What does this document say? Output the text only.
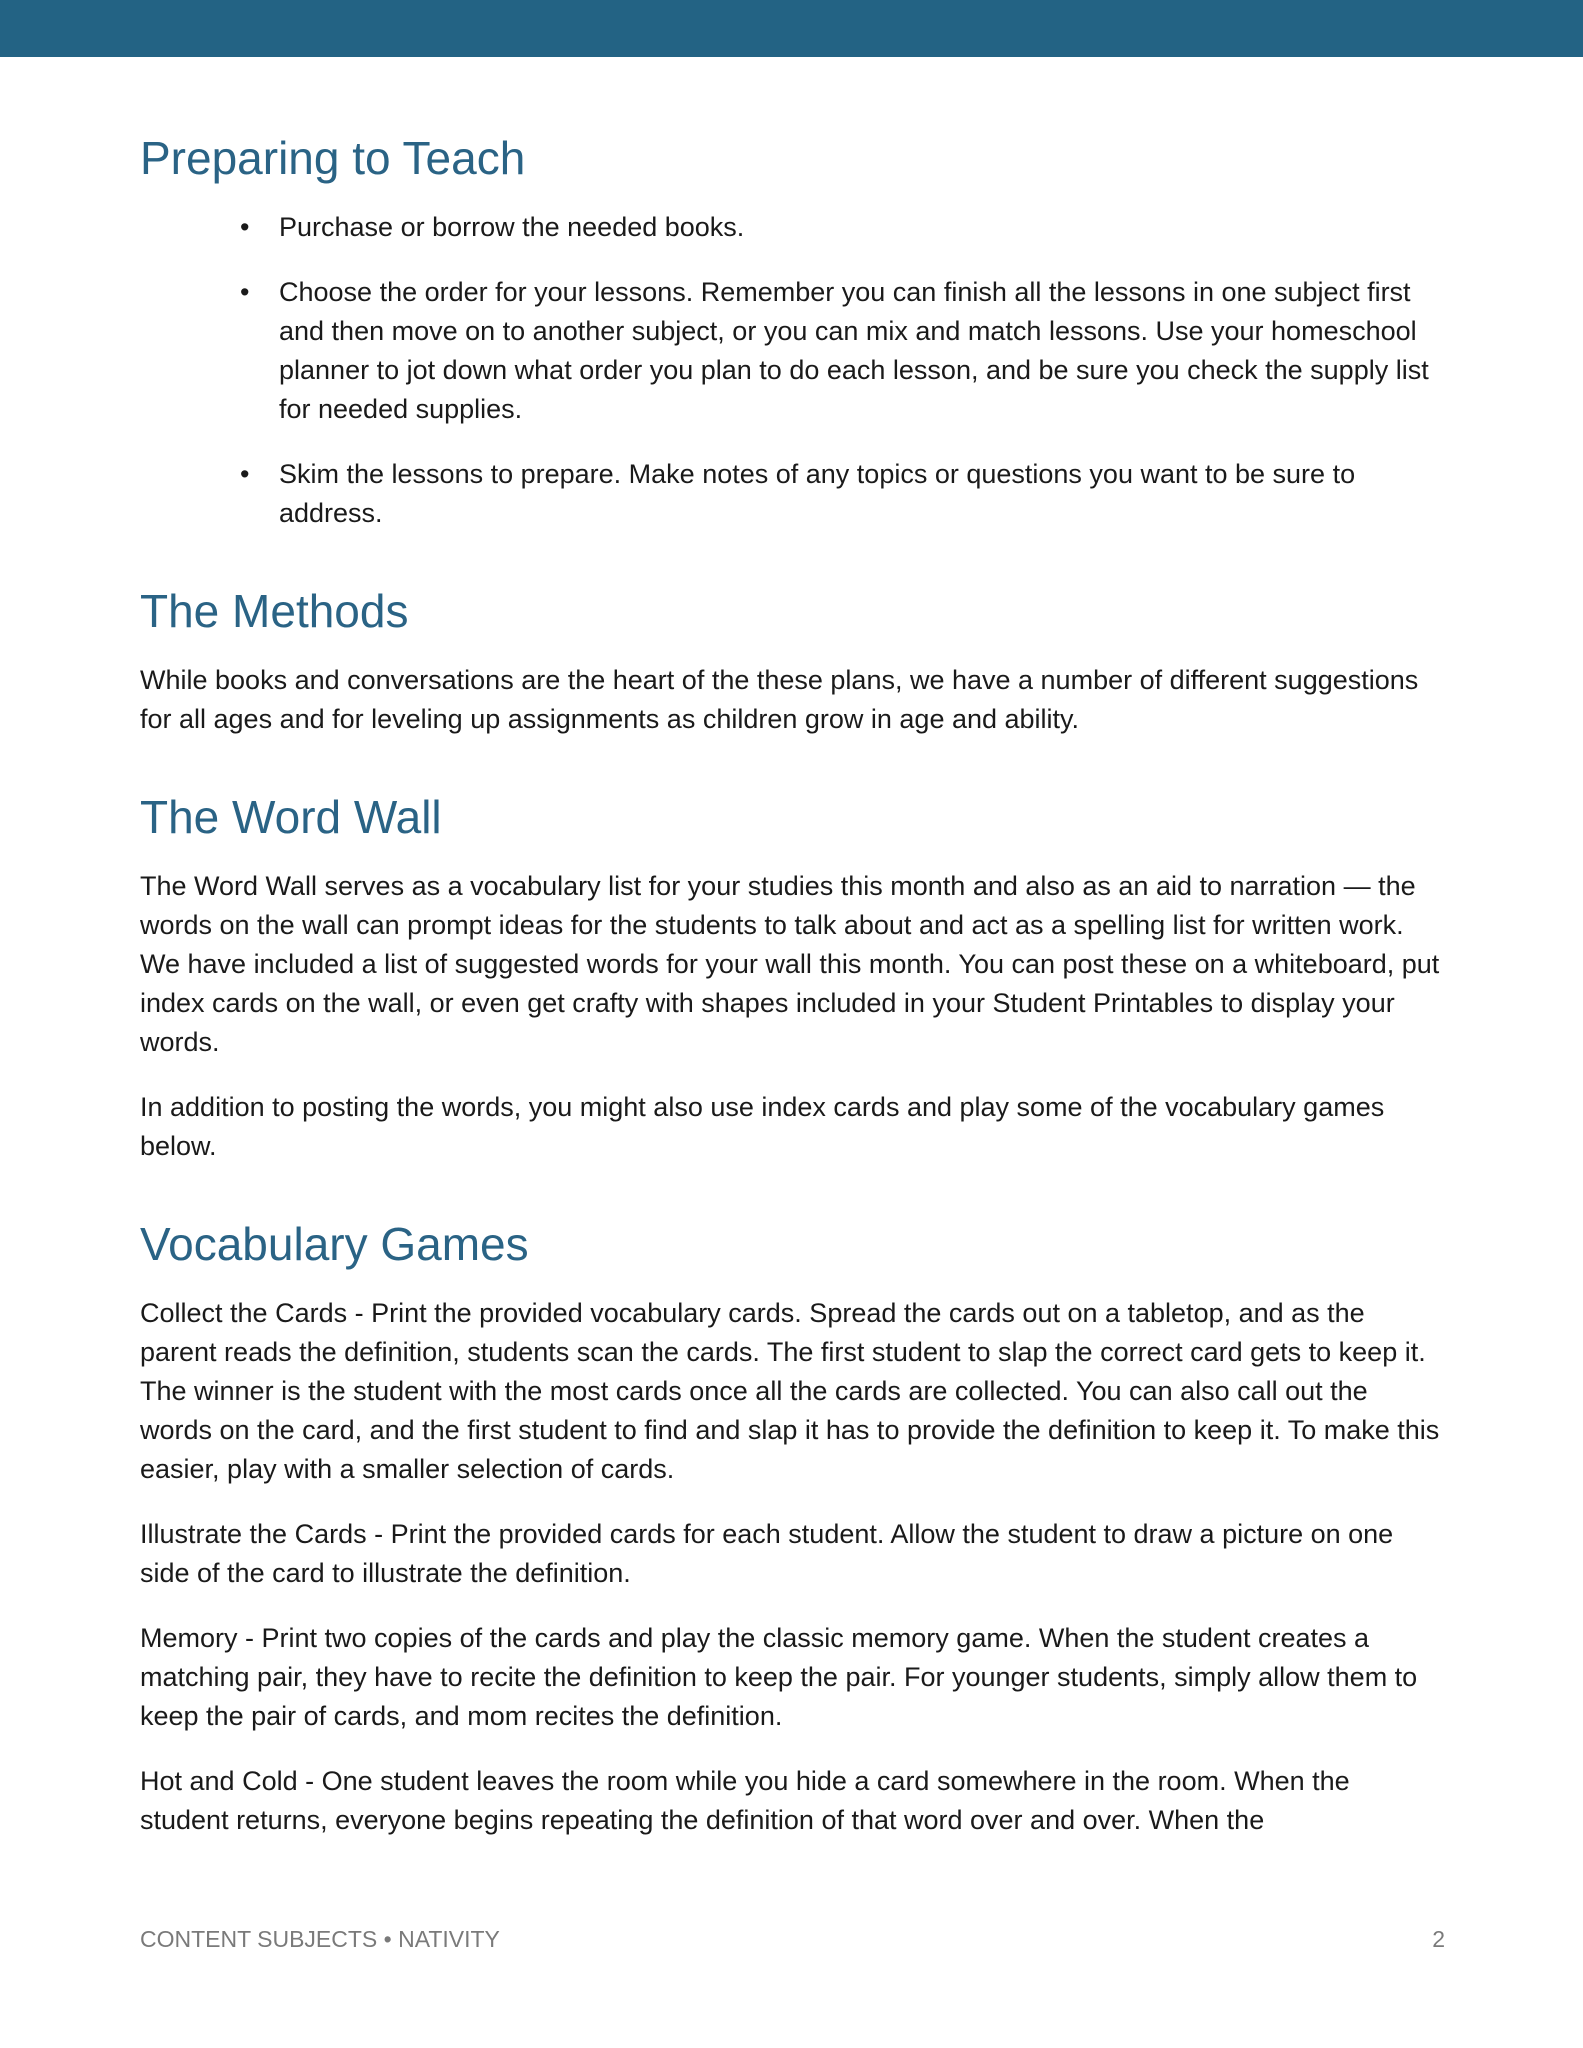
Preparing to Teach
• Purchase or borrow the needed books.
• Choose the order for your lessons. Remember you can finish all the lessons in one subject first and then move on to another subject, or you can mix and match lessons. Use your homeschool planner to jot down what order you plan to do each lesson, and be sure you check the supply list for needed supplies.
• Skim the lessons to prepare. Make notes of any topics or questions you want to be sure to address.
The Methods

While books and conversations are the heart of the these plans, we have a number of different suggestions for all ages and for leveling up assignments as children grow in age and ability.

The Word Wall

The Word Wall serves as a vocabulary list for your studies this month and also as an aid to narration — the words on the wall can prompt ideas for the students to talk about and act as a spelling list for written work. We have included a list of suggested words for your wall this month. You can post these on a whiteboard, put index cards on the wall, or even get crafty with shapes included in your Student Printables to display your words.

In addition to posting the words, you might also use index cards and play some of the vocabulary games below.

Vocabulary Games

Collect the Cards - Print the provided vocabulary cards. Spread the cards out on a tabletop, and as the parent reads the definition, students scan the cards. The first student to slap the correct card gets to keep it. The winner is the student with the most cards once all the cards are collected. You can also call out the words on the card, and the first student to find and slap it has to provide the definition to keep it. To make this easier, play with a smaller selection of cards.

Illustrate the Cards - Print the provided cards for each student. Allow the student to draw a picture on one side of the card to illustrate the definition.

Memory - Print two copies of the cards and play the classic memory game. When the student creates a matching pair, they have to recite the definition to keep the pair. For younger students, simply allow them to keep the pair of cards, and mom recites the definition.

Hot and Cold - One student leaves the room while you hide a card somewhere in the room. When the student returns, everyone begins repeating the definition of that word over and over. When the

CONTENT SUBJECTS • NATIVITY	2
